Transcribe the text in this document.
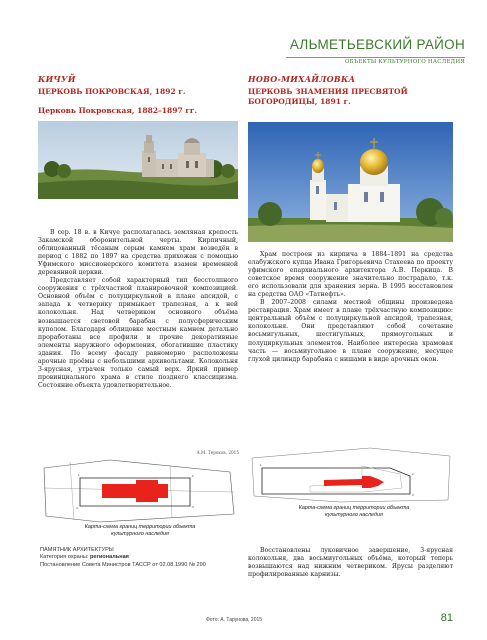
АЛЬМЕТЬЕВСКИЙ РАЙОН
ОБЪЕКТЫ КУЛЬТУРНОГО НАСЛЕДИЯ
КИЧУЙ
ЦЕРКОВЬ ПОКРОВСКАЯ, 1892 г.
Церковь Покровская, 1882–1897 гг.
НОВО-МИХАЙЛОВКА
ЦЕРКОВЬ ЗНАМЕНИЯ ПРЕСВЯТОЙ БОГОРОДИЦЫ, 1891 г.

В сер. 18 в. в Кичуе располагалась земляная крепость Закамской оборонительной черты. Кирпичный, облицованный тёсаным серым камнем храм возведён в период с 1882 по 1897 на средства прихожан с помощью Уфимского миссионерского комитета взамен временной деревянной церкви.

Представляет собой характерный тип бесстолпного сооружения с трёхчастной планировочной композицией. Основной объём с полуциркульной в плане апсидой, с запада к четверику примыкает трапезная, а к ней колокольня. Над четвериком основного объёма возвышается световой барабан с полусферическим куполом. Благодаря облицовке местным камнем детально проработаны все профили и прочие декоративные элементы наружного оформления, обогатившие пластику здания. По всему фасаду равномерно расположены арочные проёмы с небольшими архивольтами. Колокольня 3-ярусная, утрачен только самый верх. Яркий пример провинциального храма в стиле позднего классицизма. Состояние объекта удовлетворительное.

А.М. Терехов, 2015

Храм построен из кирпича в 1884–1891 на средства елабужского купца Ивана Григорьевича Стахеева по проекту уфимского епархиального архитектора А.В. Перкица. В советское время сооружение значительно пострадало, т.к. его использовали для хранения зерна. В 1995 восстановлен на средства ОАО «Татнефть».

В 2007–2008 силами местной общины произведена реставрация. Храм имеет в плане трёхчастную композицию: центральный объём с полуциркульной апсидой, трапезная, колокольня. Они представляют собой сочетание восьмигульных, шестигульных, прямоугольных и полуциркульных элементов. Наиболее интересна храмовая часть — восьмиугольное в плане сооружение, несущее глухой цилиндр барабана с нишами в виде арочных окон.

1	2
3
4
Карта-схема границ территории объекта культурного наследия
ПАМЯТНИК АРХИТЕКТУРЫ
Категория охраны: региональная
Постановление Совета Министров ТАССР от 02.08.1990 № 290
1
2
3
Карта-схема границ территории объекта культурного наследия

Восстановлены луковичное завершение, 3-ярусная колокольня, два восьмиугольных объёма, который теперь возвышаются над нижним четвериком. Ярусы разделяют профилированные карнизы.

Фото: А. Тарунова, 2015	81
